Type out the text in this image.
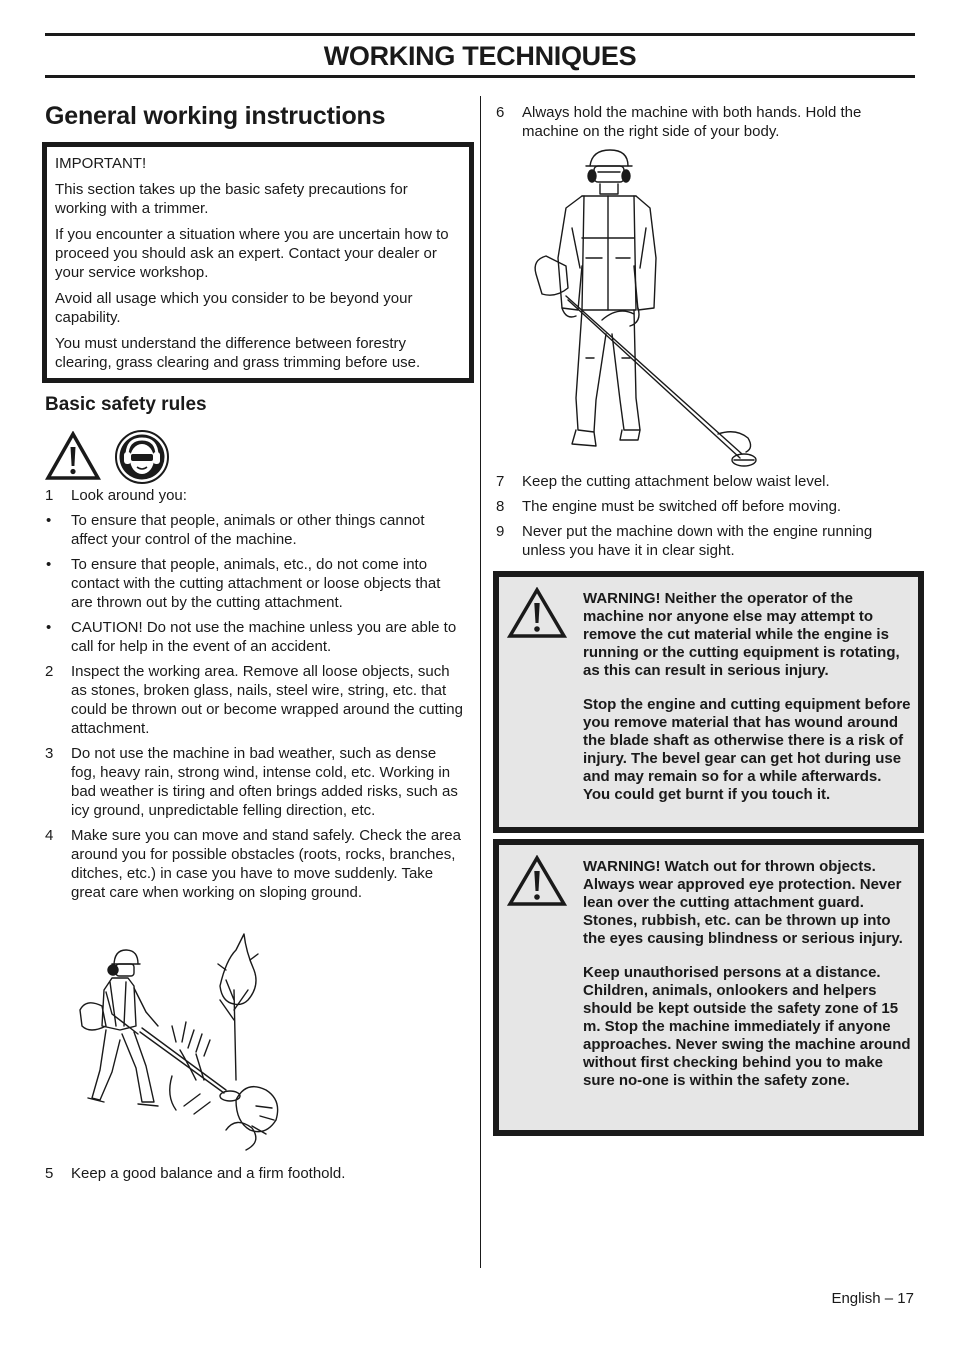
WORKING TECHNIQUES
General working instructions

IMPORTANT!

This section takes up the basic safety precautions for working with a trimmer.

If you encounter a situation where you are uncertain how to proceed you should ask an expert. Contact your dealer or your service workshop.

Avoid all usage which you consider to be beyond your capability.

You must understand the difference between forestry clearing, grass clearing and grass trimming before use.

Basic safety rules
1 Look around you:
• To ensure that people, animals or other things cannot affect your control of the machine.
• To ensure that people, animals, etc., do not come into contact with the cutting attachment or loose objects that are thrown out by the cutting attachment.
• CAUTION! Do not use the machine unless you are able to call for help in the event of an accident.
2 Inspect the working area. Remove all loose objects, such as stones, broken glass, nails, steel wire, string, etc. that could be thrown out or become wrapped around the cutting attachment.
3 Do not use the machine in bad weather, such as dense fog, heavy rain, strong wind, intense cold, etc. Working in bad weather is tiring and often brings added risks, such as icy ground, unpredictable felling direction, etc.
4 Make sure you can move and stand safely. Check the area around you for possible obstacles (roots, rocks, branches, ditches, etc.) in case you have to move suddenly. Take great care when working on sloping ground.
5 Keep a good balance and a firm foothold.
6 Always hold the machine with both hands. Hold the machine on the right side of your body.
7 Keep the cutting attachment below waist level.
8 The engine must be switched off before moving.
9 Never put the machine down with the engine running unless you have it in clear sight.

WARNING! Neither the operator of the machine nor anyone else may attempt to remove the cut material while the engine is running or the cutting equipment is rotating, as this can result in serious injury.

Stop the engine and cutting equipment before you remove material that has wound around the blade shaft as otherwise there is a risk of injury. The bevel gear can get hot during use and may remain so for a while afterwards. You could get burnt if you touch it.

WARNING! Watch out for thrown objects. Always wear approved eye protection. Never lean over the cutting attachment guard. Stones, rubbish, etc. can be thrown up into the eyes causing blindness or serious injury.

Keep unauthorised persons at a distance. Children, animals, onlookers and helpers should be kept outside the safety zone of 15 m. Stop the machine immediately if anyone approaches. Never swing the machine around without first checking behind you to make sure no-one is within the safety zone.

English – 17
